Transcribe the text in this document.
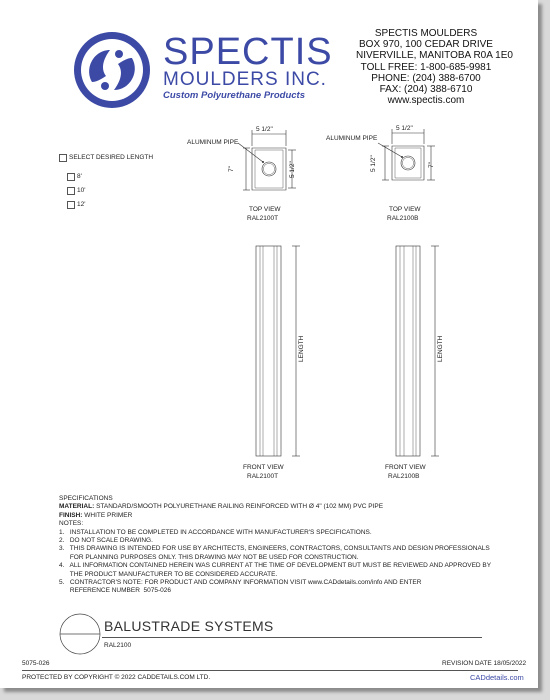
SPECTIS
MOULDERS INC.
Custom Polyurethane Products
SPECTIS MOULDERS
BOX 970, 100 CEDAR DRIVE
NIVERVILLE, MANITOBA R0A 1E0
TOLL FREE: 1-800-685-9981
PHONE: (204) 388-6700
FAX: (204) 388-6710
www.spectis.com
SELECT DESIRED LENGTH
8'
10'
12'
ALUMINUM PIPE
5 1/2"
7"	5 1/2"
TOP VIEW
RAL2100T
ALUMINUM PIPE
5 1/2"
5 1/2"	7"
TOP VIEW
RAL2100B
LENGTH	LENGTH
FRONT VIEW
RAL2100T
FRONT VIEW
RAL2100B
SPECIFICATIONS
MATERIAL: STANDARD/SMOOTH POLYURETHANE RAILING REINFORCED WITH Ø 4" (102 MM) PVC PIPE
FINISH: WHITE PRIMER
NOTES:
1.   INSTALLATION TO BE COMPLETED IN ACCORDANCE WITH MANUFACTURER'S SPECIFICATIONS.
2.   DO NOT SCALE DRAWING.
3.   THIS DRAWING IS INTENDED FOR USE BY ARCHITECTS, ENGINEERS, CONTRACTORS, CONSULTANTS AND DESIGN PROFESSIONALS
FOR PLANNING PURPOSES ONLY. THIS DRAWING MAY NOT BE USED FOR CONSTRUCTION.
4.   ALL INFORMATION CONTAINED HEREIN WAS CURRENT AT THE TIME OF DEVELOPMENT BUT MUST BE REVIEWED AND APPROVED BY
THE PRODUCT MANUFACTURER TO BE CONSIDERED ACCURATE.
5.   CONTRACTOR'S NOTE: FOR PRODUCT AND COMPANY INFORMATION VISIT www.CADdetails.com/info AND ENTER
REFERENCE NUMBER  5075-026
BALUSTRADE SYSTEMS
RAL2100
5075-026	REVISION DATE 18/05/2022
PROTECTED BY COPYRIGHT © 2022 CADDETAILS.COM LTD.	CADdetails.com
